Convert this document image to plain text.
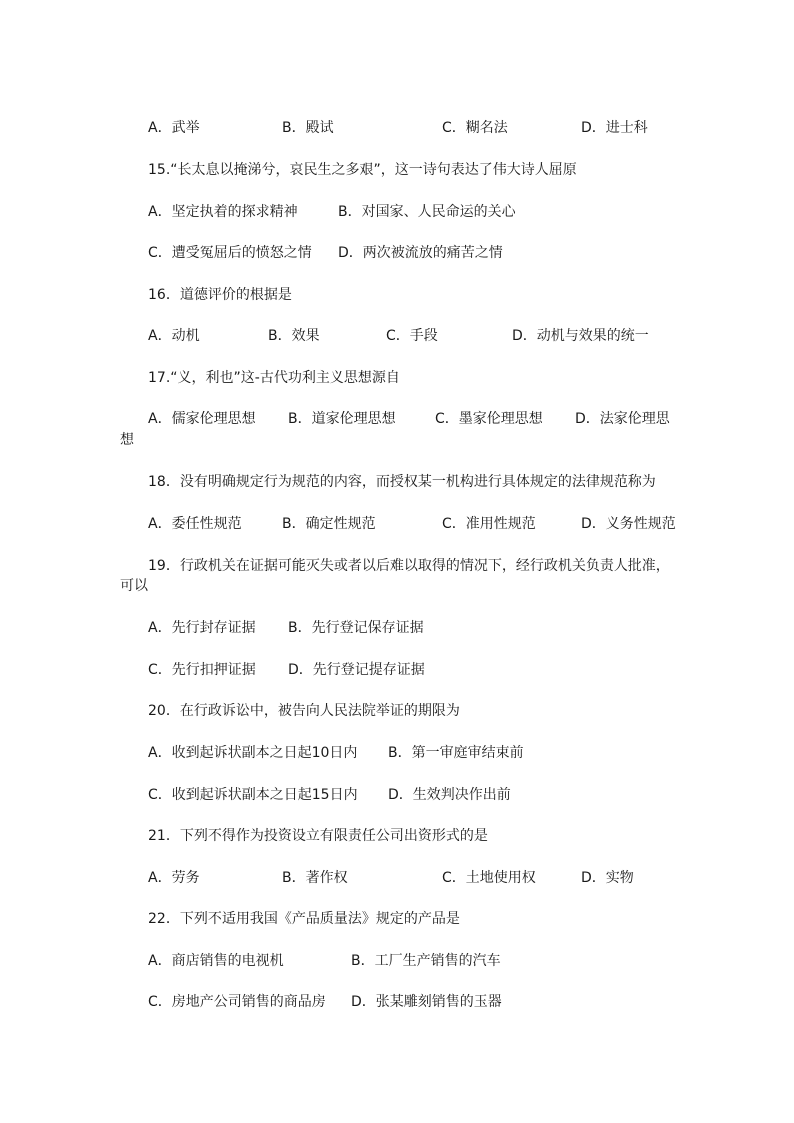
A．武举	B．殿试	C．糊名法	D．进士科
15.“长太息以掩涕兮，哀民生之多艰”，这一诗句表达了伟大诗人屈原
A．坚定执着的探求精神	B．对国家、人民命运的关心
C．遭受冤屈后的愤怒之情 D．两次被流放的痛苦之情
16．道德评价的根据是
A．动机	B．效果	C．手段	D．动机与效果的统一
17.“义，利也”这-古代功利主义思想源自
A．儒家伦理思想 B．道家伦理思想	C．墨家伦理思想 D．法家伦理思
想
18．没有明确规定行为规范的内容，而授权某一机构进行具体规定的法律规范称为
A．委任性规范	B．确定性规范	C．准用性规范	D．义务性规范
19．行政机关在证据可能灭失或者以后难以取得的情况下，经行政机关负责人批准，
可以
A．先行封存证据 B．先行登记保存证据
C．先行扣押证据 D．先行登记提存证据
20．在行政诉讼中，被告向人民法院举证的期限为
A．收到起诉状副本之日起10日内 B．第一审庭审结束前
C．收到起诉状副本之日起15日内 D．生效判决作出前
21．下列不得作为投资设立有限责任公司出资形式的是
A．劳务	B．著作权	C．土地使用权	D．实物
22．下列不适用我国《产品质量法》规定的产品是
A．商店销售的电视机	B．工厂生产销售的汽车
C．房地产公司销售的商品房 D．张某雕刻销售的玉器
